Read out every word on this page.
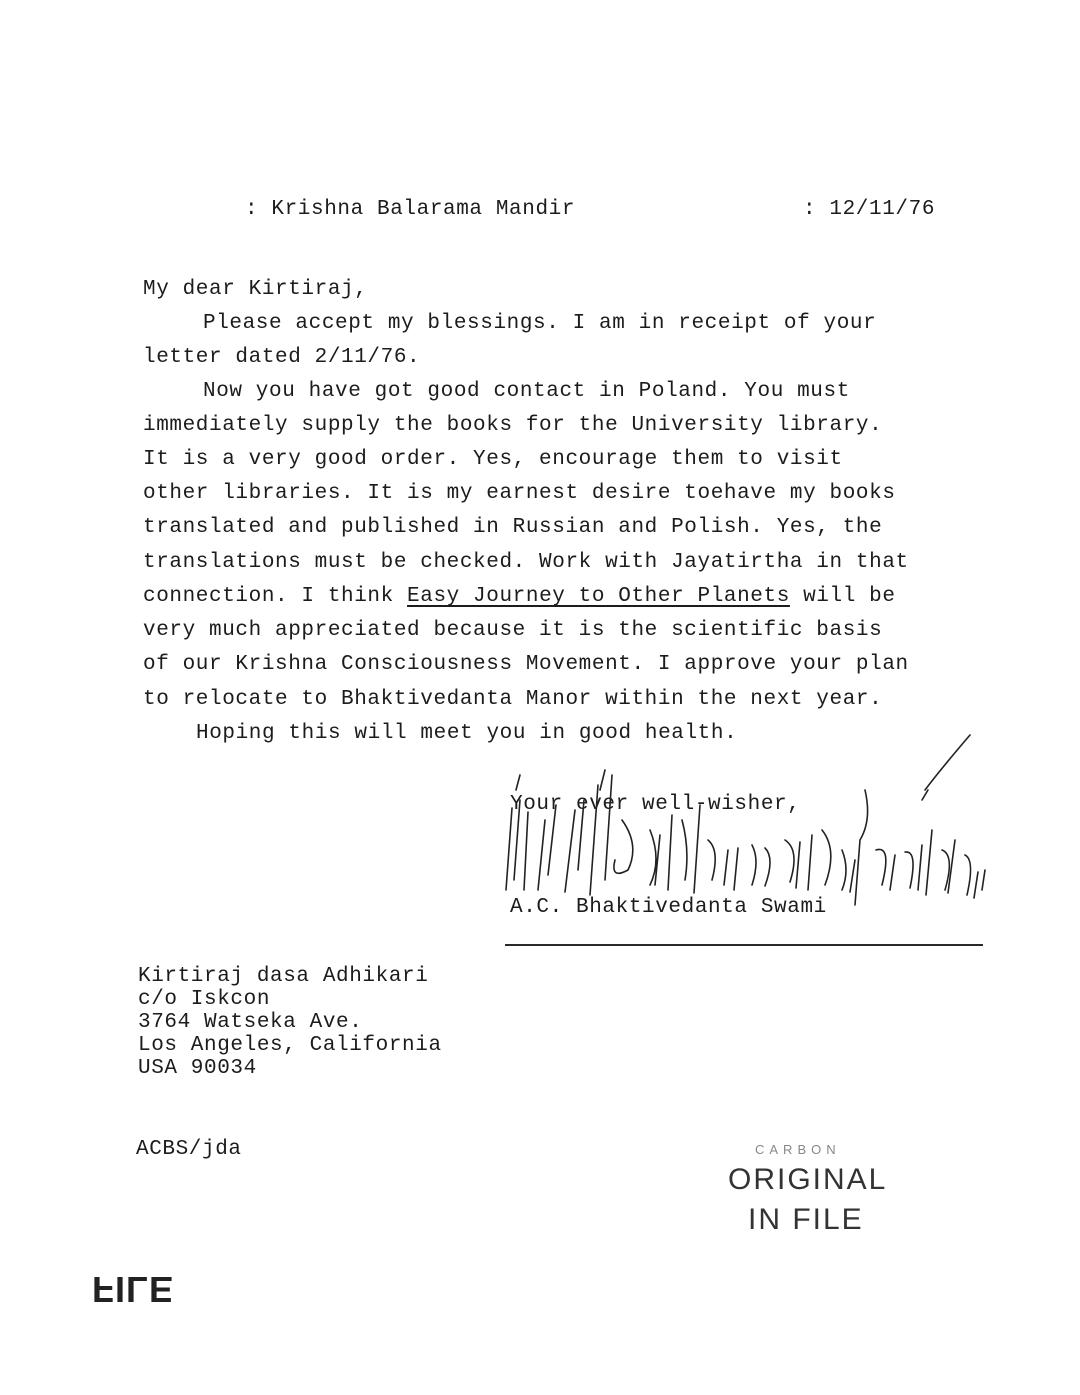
: Krishna Balarama Mandir	: 12/11/76
My dear Kirtiraj,
Please accept my blessings. I am in receipt of your
letter dated 2/11/76.
Now you have got good contact in Poland. You must
immediately supply the books for the University library.
It is a very good order. Yes, encourage them to visit
other libraries. It is my earnest desire toehave my books
translated and published in Russian and Polish. Yes, the
translations must be checked. Work with Jayatirtha in that
connection. I think Easy Journey to Other Planets will be
very much appreciated because it is the scientific basis
of our Krishna Consciousness Movement. I approve your plan
to relocate to Bhaktivedanta Manor within the next year.
Hoping this will meet you in good health.
Your ever well-wisher,
A.C. Bhaktivedanta Swami
Kirtiraj dasa Adhikari
c/o Iskcon
3764 Watseka Ave.
Los Angeles, California
USA 90034
ACBS/jda	CARBON
ORIGINAL
IN FILE
FILE
